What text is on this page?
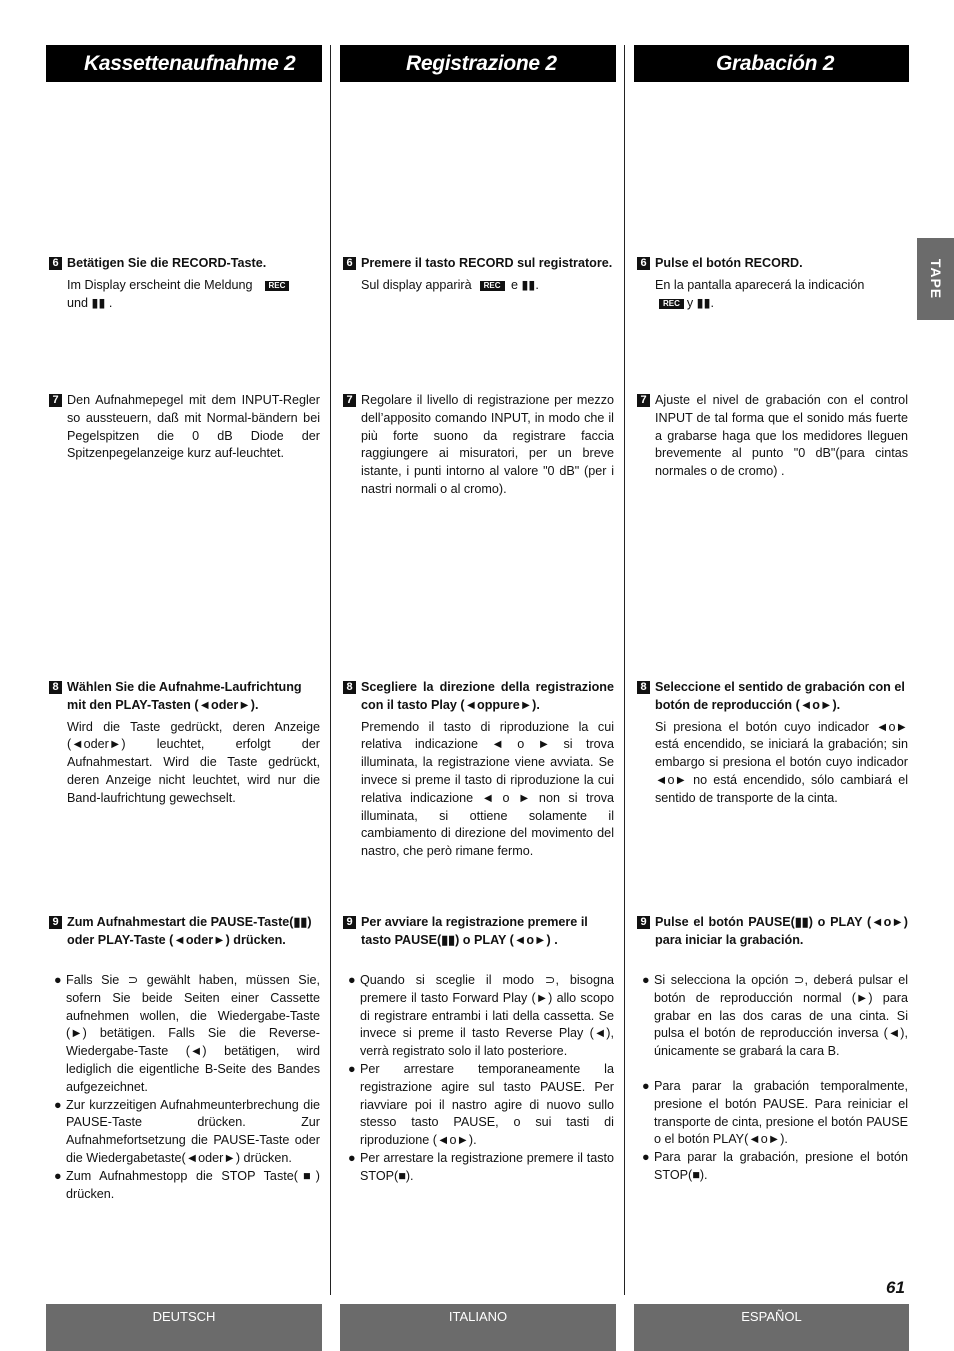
Kassettenaufnahme 2	Registrazione 2	Grabación 2
TAPE
6 Betätigen Sie die RECORD-Taste.
Im Display erscheint die Meldung REC
und ▮▮ .
7 Den Aufnahmepegel mit dem INPUT-Regler so aussteuern, daß mit Normal-bändern bei Pegelspitzen die 0 dB Diode der Spitzenpegelanzeige kurz auf-leuchtet.
8 Wählen Sie die Aufnahme-Laufrichtung mit den PLAY-Tasten (◄oder►).
Wird die Taste gedrückt, deren Anzeige (◄oder►) leuchtet, erfolgt der Aufnahmestart. Wird die Taste gedrückt, deren Anzeige nicht leuchtet, wird nur die Band-laufrichtung gewechselt.
9 Zum Aufnahmestart die PAUSE-Taste(▮▮) oder PLAY-Taste (◄oder►) drücken.
● Falls Sie ⊃ gewählt haben, müssen Sie, sofern Sie beide Seiten einer Cassette aufnehmen wollen, die Wiedergabe-Taste (►) betätigen. Falls Sie die Reverse-Wiedergabe-Taste (◄) betätigen, wird lediglich die eigentliche B-Seite des Bandes aufgezeichnet.
● Zur kurzzeitigen Aufnahmeunterbrechung die PAUSE-Taste drücken. Zur Aufnahmefortsetzung die PAUSE-Taste oder die Wiedergabetaste(◄oder►) drücken.
● Zum Aufnahmestopp die STOP Taste(■) drücken.
6 Premere il tasto RECORD sul registratore.
Sul display apparirà REC e ▮▮.
7 Regolare il livello di registrazione per mezzo dell’apposito comando INPUT, in modo che il più forte suono da registrare faccia raggiungere ai misuratori, per un breve istante, i punti intorno al valore "0 dB" (per i nastri normali o al cromo).
8 Scegliere la direzione della registrazione con il tasto Play (◄oppure►).
Premendo il tasto di riproduzione la cui relativa indicazione ◄ o ► si trova illuminata, la registrazione viene avviata. Se invece si preme il tasto di riproduzione la cui relativa indicazione ◄ o ► non si trova illuminata, si ottiene solamente il cambiamento di direzione del movimento del nastro, che però rimane fermo.
9 Per avviare la registrazione premere il tasto PAUSE(▮▮) o PLAY (◄o►) .
● Quando si sceglie il modo ⊃, bisogna premere il tasto Forward Play (►) allo scopo di registrare entrambi i lati della cassetta. Se invece si preme il tasto Reverse Play (◄), verrà registrato solo il lato posteriore.
● Per arrestare temporaneamente la registrazione agire sul tasto PAUSE. Per riavviare poi il nastro agire di nuovo sullo stesso tasto PAUSE, o sui tasti di riproduzione (◄o►).
● Per arrestare la registrazione premere il tasto STOP(■).
6 Pulse el botón RECORD.
En la pantalla aparecerá la indicación
REC y ▮▮.
7 Ajuste el nivel de grabación con el control INPUT de tal forma que el sonido más fuerte a grabarse haga que los medidores lleguen brevemente al punto "0 dB"(para cintas normales o de cromo) .
8 Seleccione el sentido de grabación con el botón de reproducción (◄o►).
Si presiona el botón cuyo indicador ◄o► está encendido, se iniciará la grabación; sin embargo si presiona el botón cuyo indicador ◄o► no está encendido, sólo cambiará el sentido de transporte de la cinta.
9 Pulse el botón PAUSE(▮▮) o PLAY (◄o►) para iniciar la grabación.
● Si selecciona la opción ⊃, deberá pulsar el botón de reproducción normal (►) para grabar en las dos caras de una cinta. Si pulsa el botón de reproducción inversa (◄), únicamente se grabará la cara B.
● Para parar la grabación temporalmente, presione el botón PAUSE. Para reiniciar el transporte de cinta, presione el botón PAUSE o el botón PLAY(◄o►).
● Para parar la grabación, presione el botón STOP(■).
61
DEUTSCH	ITALIANO	ESPAÑOL
